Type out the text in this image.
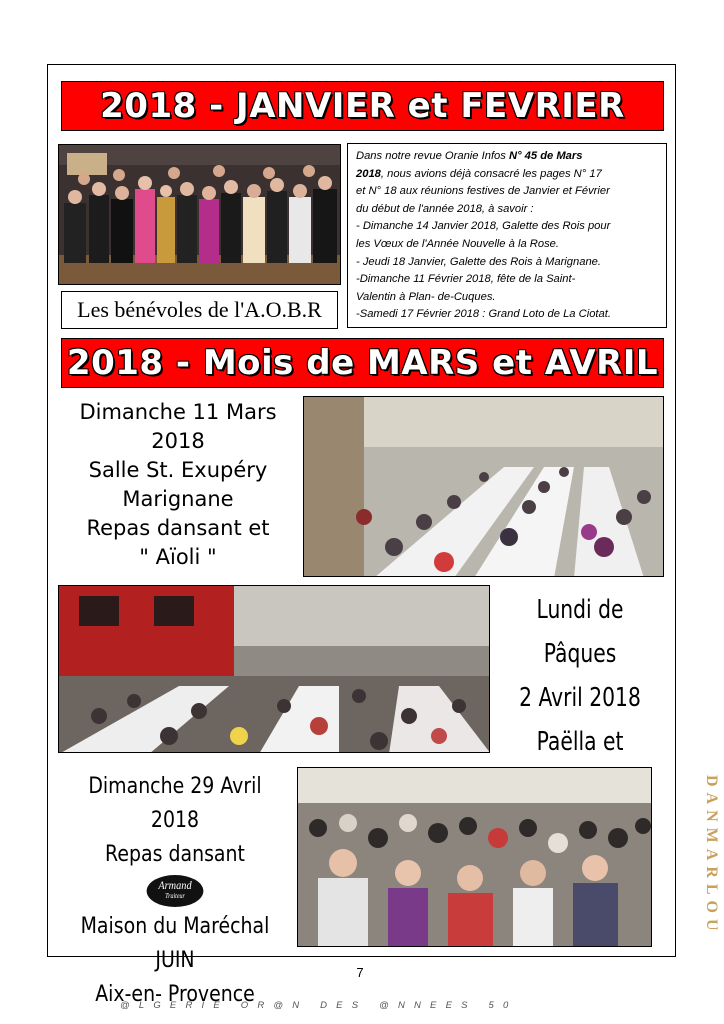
2018 - JANVIER et FEVRIER
Les bénévoles de l'A.O.B.R
Dans notre revue Oranie Infos N° 45 de Mars
2018, nous avions déjà consacré les pages N° 17
et N° 18 aux réunions festives de Janvier et Février
du début de l'année 2018, à savoir :
- Dimanche 14 Janvier 2018, Galette des Rois pour
les Vœux de l'Année Nouvelle à la Rose.
- Jeudi 18 Janvier, Galette des Rois à Marignane.
-Dimanche 11 Février 2018, fête de la Saint-
Valentin à Plan- de-Cuques.
-Samedi 17 Février 2018 : Grand Loto de La Ciotat.
2018 - Mois de MARS et AVRIL
Dimanche 11 Mars
2018
Salle St. Exupéry
Marignane
Repas dansant et
" Aïoli "
Lundi de Pâques
2 Avril 2018
Paëlla et
Dimanche 29 Avril 2018
Repas dansant
Armand
Traiteur
Maison du Maréchal JUIN
Aix-en- Provence
7
@LGERIE OR@N DES @NNEES 50
DANMARLOU
